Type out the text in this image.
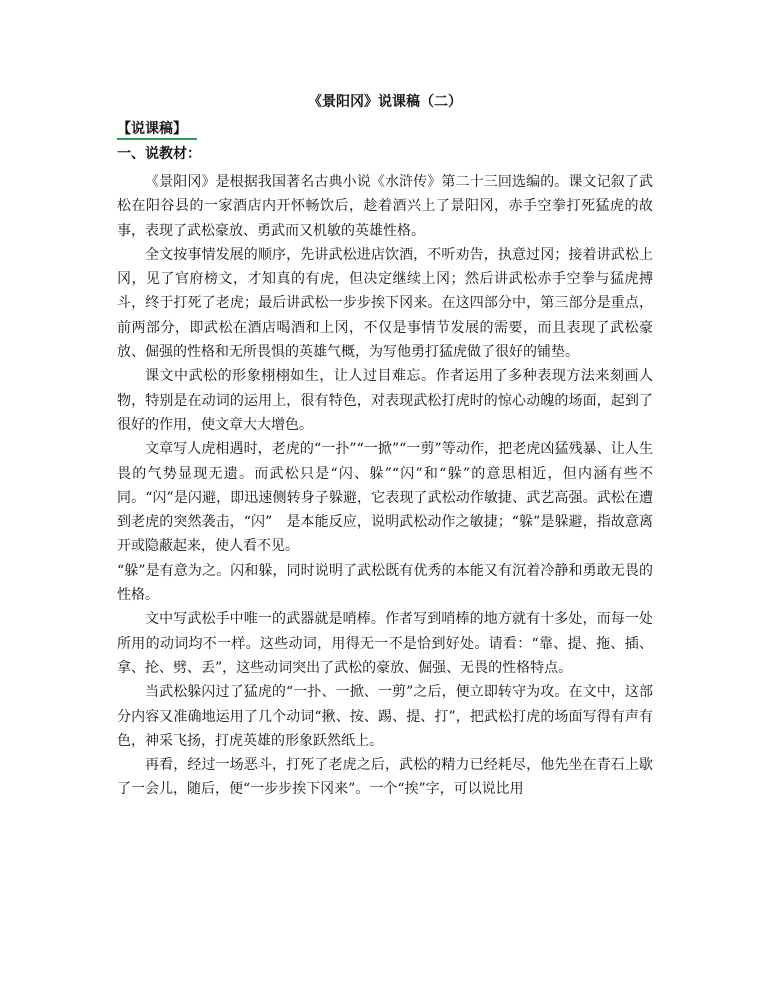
《景阳冈》说课稿（二）
【说课稿】
一、说教材：

《景阳冈》是根据我国著名古典小说《水浒传》第二十三回选编的。课文记叙了武松在阳谷县的一家酒店内开怀畅饮后，趁着酒兴上了景阳冈，赤手空拳打死猛虎的故事，表现了武松豪放、勇武而又机敏的英雄性格。

全文按事情发展的顺序，先讲武松进店饮酒，不听劝告，执意过冈；接着讲武松上冈，见了官府榜文，才知真的有虎，但决定继续上冈；然后讲武松赤手空拳与猛虎搏斗，终于打死了老虎；最后讲武松一步步挨下冈来。在这四部分中，第三部分是重点，前两部分，即武松在酒店喝酒和上冈，不仅是事情节发展的需要，而且表现了武松豪放、倔强的性格和无所畏惧的英雄气概，为写他勇打猛虎做了很好的铺垫。

课文中武松的形象栩栩如生，让人过目难忘。作者运用了多种表现方法来刻画人物，特别是在动词的运用上，很有特色，对表现武松打虎时的惊心动魄的场面，起到了很好的作用，使文章大大增色。

文章写人虎相遇时，老虎的“一扑”“一掀”“一剪”等动作，把老虎凶猛残暴、让人生畏的气势显现无遗。而武松只是“闪、躲”“闪”和“躲”的意思相近，但内涵有些不同。“闪”是闪避，即迅速侧转身子躲避，它表现了武松动作敏捷、武艺高强。武松在遭到老虎的突然袭击，“闪”　是本能反应，说明武松动作之敏捷；“躲”是躲避，指故意离开或隐蔽起来，使人看不见。

“躲”是有意为之。闪和躲，同时说明了武松既有优秀的本能又有沉着冷静和勇敢无畏的性格。

文中写武松手中唯一的武器就是哨棒。作者写到哨棒的地方就有十多处，而每一处所用的动词均不一样。这些动词，用得无一不是恰到好处。请看：“靠、提、拖、插、拿、抡、劈、丢”，这些动词突出了武松的豪放、倔强、无畏的性格特点。

当武松躲闪过了猛虎的“一扑、一掀、一剪”之后，便立即转守为攻。在文中，这部分内容又准确地运用了几个动词“揪、按、踢、提、打”，把武松打虎的场面写得有声有色，神采飞扬，打虎英雄的形象跃然纸上。

再看，经过一场恶斗，打死了老虎之后，武松的精力已经耗尽，他先坐在青石上歇了一会儿，随后，便“一步步挨下冈来”。一个“挨”字，可以说比用
